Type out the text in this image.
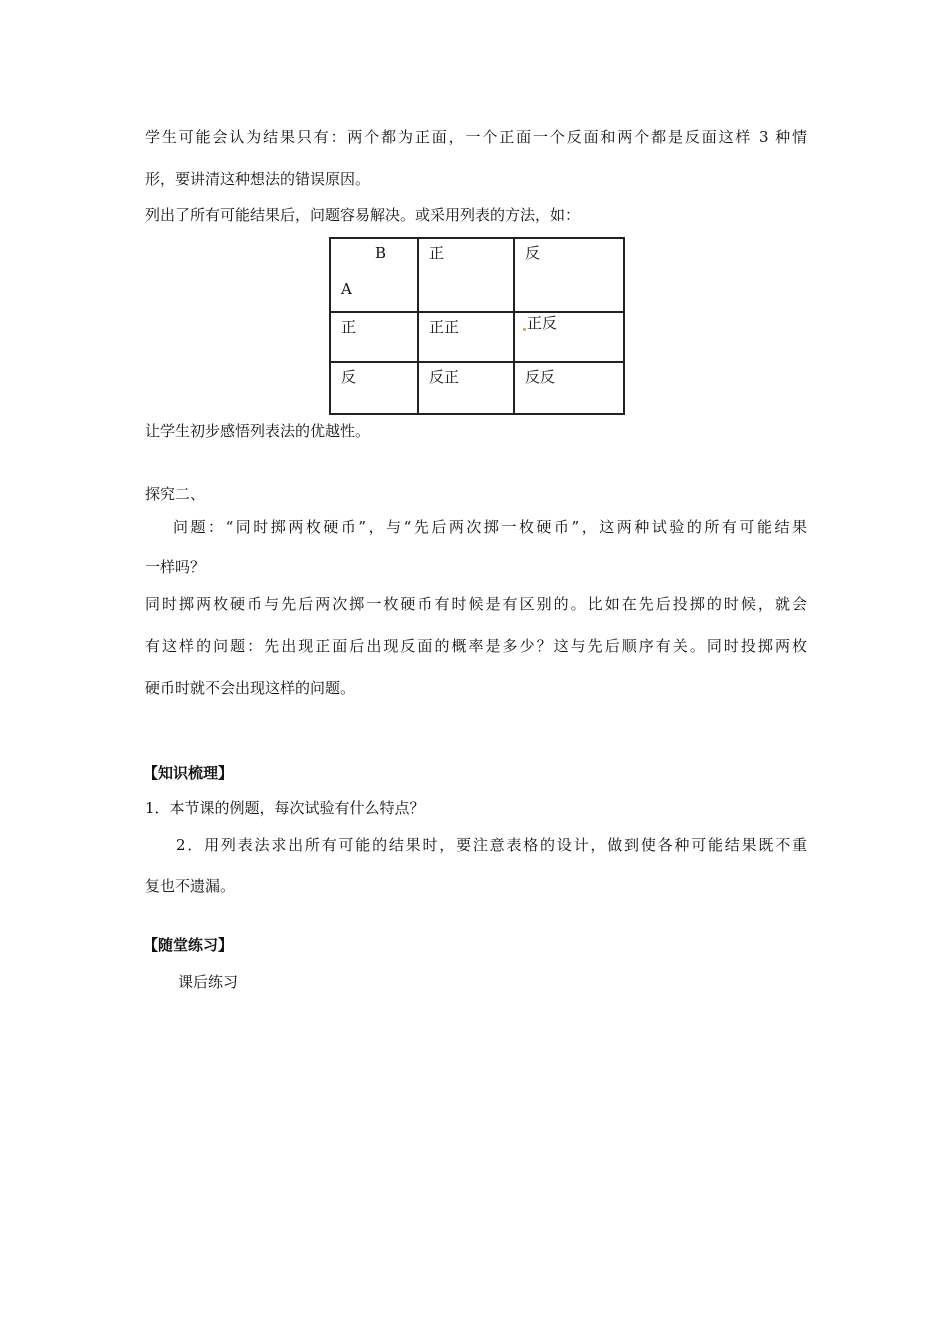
学生可能会认为结果只有：两个都为正面，一个正面一个反面和两个都是反面这样 3 种情
形，要讲清这种想法的错误原因。
列出了所有可能结果后，问题容易解决。或采用列表的方法，如：
B
A	正	反
正	正正	正反
反	反正	反反
让学生初步感悟列表法的优越性。
探究二、
问题：“同时掷两枚硬币”，与“先后两次掷一枚硬币”，这两种试验的所有可能结果
一样吗？
同时掷两枚硬币与先后两次掷一枚硬币有时候是有区别的。比如在先后投掷的时候，就会
有这样的问题：先出现正面后出现反面的概率是多少？这与先后顺序有关。同时投掷两枚
硬币时就不会出现这样的问题。
【知识梳理】
1．本节课的例题，每次试验有什么特点？
2．用列表法求出所有可能的结果时，要注意表格的设计，做到使各种可能结果既不重
复也不遗漏。
【随堂练习】
课后练习
